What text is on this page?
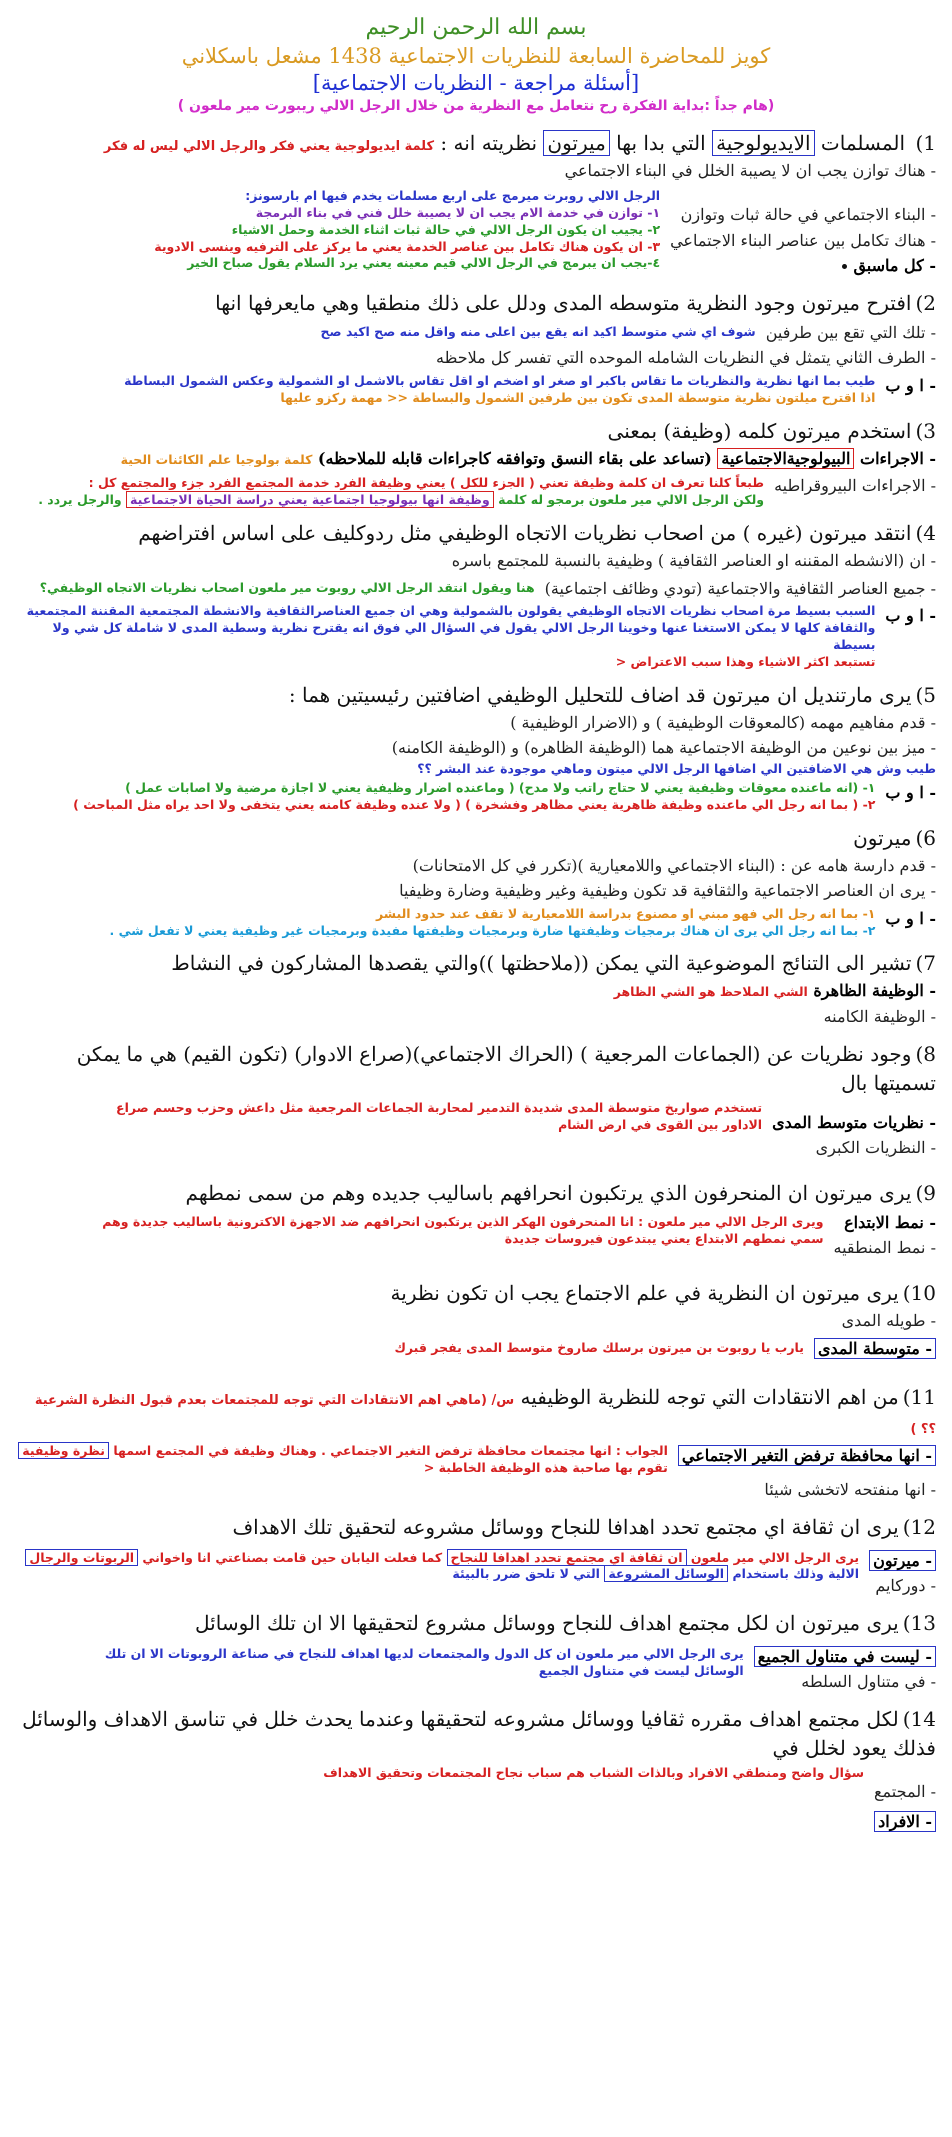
بسم الله الرحمن الرحيم
كويز للمحاضرة السابعة للنظريات الاجتماعية 1438 مشعل باسكلاني
[أسئلة مراجعة - النظريات الاجتماعية]
(هام جداً :بداية الفكرة رح نتعامل مع النظرية من خلال الرجل الالي ريبورت مير ملعون )
1) المسلمات الايديولوجية التي بدا بها ميرتون نظريته انه : كلمة ايديولوجية يعني فكر والرجل الالي ليس له فكر
- هناك توازن يجب ان لا يصيبة الخلل في البناء الاجتماعي
- البناء الاجتماعي في حالة ثبات وتوازن
- هناك تكامل بين عناصر البناء الاجتماعي
- كل ماسبق
الرجل الالي روبرت ميرمج على اربع مسلمات يخدم فيها ام بارسونز:
١- توازن في خدمة الام يجب ان لا يصيبة خلل فني في بناء البرمجة
٢- يجيب ان يكون الرجل الالي في حالة ثبات اثناء الخدمة وحمل الاشياء
٣- ان يكون هناك تكامل بين عناصر الخدمة يعني ما يركز على الترفيه وينسى الادوية
٤-يجب ان يبرمج في الرجل الالي قيم معينه يعني يرد السلام يقول صباح الخير
2)افترح ميرتون وجود النظرية متوسطه المدى ودلل على ذلك منطقيا وهي مايعرفها انها
- تلك التي تقع بين طرفين
شوف اي شي متوسط اكيد انه يقع بين اعلى منه واقل منه صح اكيد صح
- الطرف الثاني يتمثل في النظريات الشامله الموحده التي تفسر كل ملاحظه
- ا و ب
طيب بما انها نظرية والنظريات ما تقاس باكبر او صغر او اضخم او اقل تقاس بالاشمل او الشمولية وعكس الشمول البساطة
اذا اقترح ميلتون نظرية متوسطة المدى تكون بين طرفين الشمول والبساطة << مهمة ركزو عليها
3)استخدم ميرتون كلمه (وظيفة) بمعنى
- الاجراءات البيولوجيةالاجتماعية (تساعد على بقاء النسق وتوافقه كاجراءات قابله للملاحظه) كلمة بولوجيا علم الكائنات الحية
- الاجراءات البيروقراطيه
طبعاً كلنا تعرف ان كلمة وظيفة تعني ( الجزء للكل ) يعني وظيفة الفرد خدمة المجتمع الفرد جزء والمجتمع كل :
ولكن الرجل الالي مير ملعون برمجو له كلمة وظيفة انها بيولوجيا اجتماعية يعني دراسة الحياة الاجتماعية والرجل يردد .
4)انتقد ميرتون (غيره ) من اصحاب نظريات الاتجاه الوظيفي مثل ردوكليف على اساس افتراضهم
- ان (الانشطه المقننه او العناصر الثقافية ) وظيفية بالنسبة للمجتمع باسره
- جميع العناصر الثقافية والاجتماعية (تودي وظائف اجتماعية)
هنا ويقول انتقد الرجل الالي روبوت مير ملعون اصحاب نظريات الاتجاه الوظيفي؟
- ا و ب
السبب بسيط مرة اصحاب نظريات الاتجاه الوظيفي يقولون بالشمولية وهي ان جميع العناصرالثقافية والانشطة المجتمعية المقننة المجتمعية
والثقافة كلها لا يمكن الاستغنا عنها وخوينا الرجل الالي يقول في السؤال الي فوق انه يقترح نظرية وسطية المدى لا شاملة كل شي ولا بسيطة
تستبعد اكثر الاشياء وهذا سبب الاعتراض <
5)يرى مارتنديل ان ميرتون قد اضاف للتحليل الوظيفي اضافتين رئيسيتين هما :
- قدم مفاهيم مهمه (كالمعوقات الوظيفية ) و (الاضرار الوظيفية )
- ميز بين نوعين من الوظيفة الاجتماعية هما (الوظيفة الظاهره) و (الوظيفة الكامنه)
طيب وش هي الاضافتين الي اضافها الرجل الالي ميتون وماهي موجودة عند البشر ؟؟
- ا و ب
١- (انه ماعنده معوقات وظيفية يعني لا حتاج راتب ولا مدح) ( وماعنده اضرار وظيفية يعني لا اجازة مرضية ولا اصابات عمل )
٢- ( بما انه رجل الي ماعنده وظيفة ظاهرية يعني مظاهر وفشخرة ) ( ولا عنده وظيفة كامنه يعني يتخفى ولا احد يراه مثل المباحث )
6)ميرتون
- قدم دارسة هامه عن : (البناء الاجتماعي واللامعيارية )(تكرر في كل الامتحانات)
- يرى ان العناصر الاجتماعية والثقافية قد تكون وظيفية وغير وظيفية وضارة وظيفيا
- ا و ب
١- بما انه رجل الي فهو مبني او مصنوع بدراسة اللامعيارية لا تقف عند حدود البشر
٢- بما انه رجل الي يرى ان هناك برمجيات وظيفتها ضارة وبرمجيات وظيفتها مفيدة وبرمجيات غير وظيفية يعني لا تفعل شي .
7)تشير الى التنائج الموضوعية التي يمكن ((ملاحظتها ))والتي يقصدها المشاركون في النشاط
- الوظيفة الظاهرة الشي الملاحظ هو الشي الظاهر
- الوظيفة الكامنه
8)وجود نظريات عن (الجماعات المرجعية ) (الحراك الاجتماعي)(صراع الادوار) (تكون القيم) هي ما يمكن تسميتها بال
- نظريات متوسط المدى
تستخدم صواريخ متوسطة المدى شديدة التدمير لمحاربة الجماعات المرجعية مثل داعش وحزب وحسم صراع
الاداور بين القوى في ارض الشام
- النظريات الكبرى
9)يرى ميرتون ان المنحرفون الذي يرتكبون انحرافهم باساليب جديده وهم من سمى نمطهم
- نمط الابتداع
- نمط المنطقيه
ويرى الرجل الالي مير ملعون : انا المنحرفون الهكر الذين يرتكبون انحرافهم ضد الاجهزة الاكترونية باساليب جديدة وهم
سمي نمطهم الابتداع يعني يبتدعون فيروسات جديدة
10)يرى ميرتون ان النظرية في علم الاجتماع يجب ان تكون نظرية
- طويله المدى
- متوسطة المدى
يارب يا روبوت بن ميرتون برسلك صاروخ متوسط المدى يفجر قبرك
11)من اهم الانتقادات التي توجه للنظرية الوظيفيه س/ (ماهي اهم الانتقادات التي توجه للمجتمعات بعدم قبول النظرة الشرعية ؟؟ )
- انها محافظة ترفض التغير الاجتماعي
الجواب : انها مجتمعات محافظة ترفض التغير الاجتماعي . وهناك وظيفة في المجتمع اسمها نظرة وظيفية
تقوم بها صاحبة هذه الوظيفة الخاطبة <
- انها منفتحه لاتخشى شيئا
12)يرى ان ثقافة اي مجتمع تحدد اهدافا للنجاح ووسائل مشروعه لتحقيق تلك الاهداف
- ميرتون
- دوركايم
يرى الرجل الالي مير ملعون ان ثقافة اي مجتمع تحدد اهدافا للنجاح كما فعلت اليابان حين قامت بصناعتي انا واخواني الربوتات والرجال
الالية وذلك باستخدام الوسائل المشروعة التي لا تلحق ضرر بالبيئة
13)يرى ميرتون ان لكل مجتمع اهداف للنجاح ووسائل مشروع لتحقيقها الا ان تلك الوسائل
- ليست في متناول الجميع
- في متناول السلطه
يرى الرجل الالي مير ملعون ان كل الدول والمجتمعات لديها اهداف للنجاح في صناعة الروبوتات الا ان تلك
الوسائل ليست في متناول الجميع
14)لكل مجتمع اهداف مقرره ثقافيا ووسائل مشروعه لتحقيقها وعندما يحدث خلل في تناسق الاهداف والوسائل فذلك يعود لخلل في
- المجتمع
سؤال واضح ومنطقي الافراد وبالذات الشباب هم سباب نجاح المجتمعات وتحقيق الاهداف
- الافراد
